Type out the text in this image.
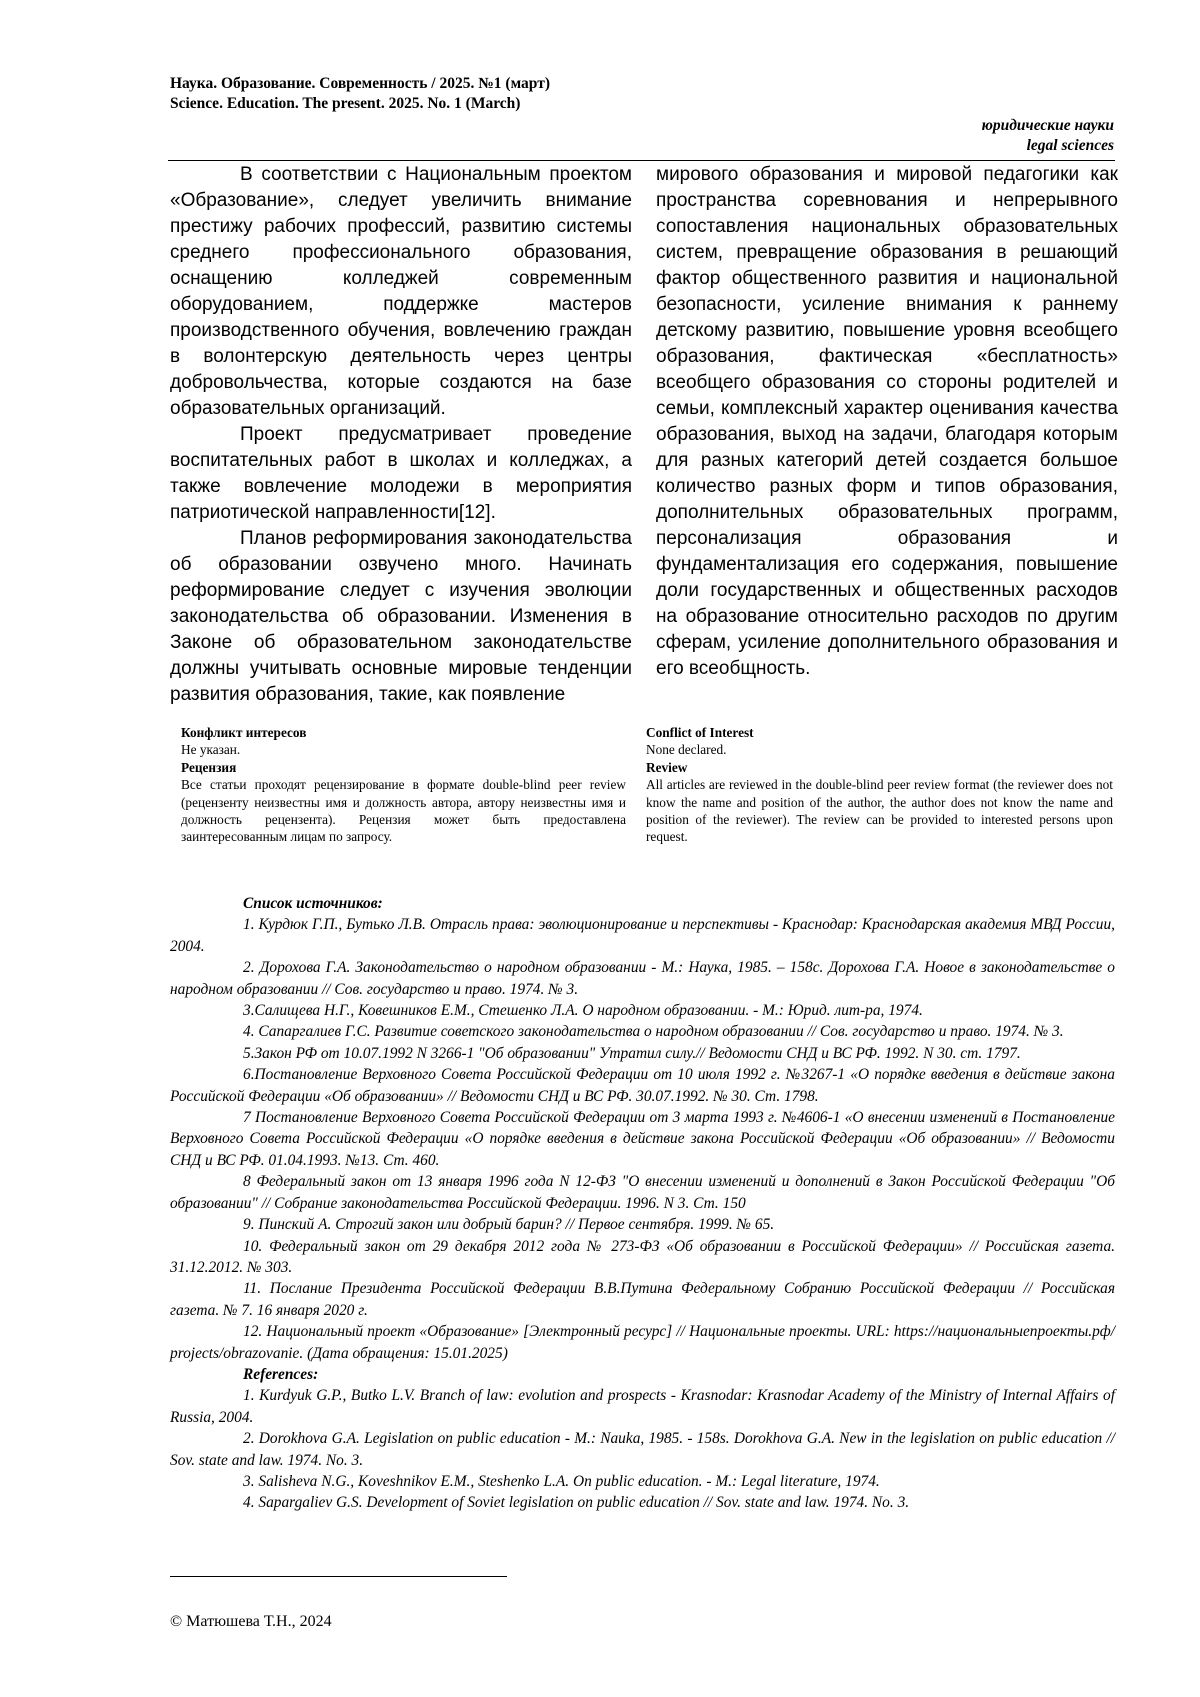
Наука. Образование. Современность / 2025. №1 (март)
Science. Education. The present. 2025. No. 1 (March)
юридические науки
legal sciences

В соответствии с Национальным проектом «Образование», следует увеличить внимание престижу рабочих профессий, развитию системы среднего профессионального образования, оснащению колледжей современным оборудованием, поддержке мастеров производственного обучения, вовлечению граждан в волонтерскую деятельность через центры добровольчества, которые создаются на базе образовательных организаций.

Проект предусматривает проведение воспитательных работ в школах и колледжах, а также вовлечение молодежи в мероприятия патриотической направленности[12].

Планов реформирования законодательства об образовании озвучено много. Начинать реформирование следует с изучения эволюции законодательства об образовании. Изменения в Законе об образовательном законодательстве должны учитывать основные мировые тенденции развития образования, такие, как появление

мирового образования и мировой педагогики как пространства соревнования и непрерывного сопоставления национальных образовательных систем, превращение образования в решающий фактор общественного развития и национальной безопасности, усиление внимания к раннему детскому развитию, повышение уровня всеобщего образования, фактическая «бесплатность» всеобщего образования со стороны родителей и семьи, комплексный характер оценивания качества образования, выход на задачи, благодаря которым для разных категорий детей создается большое количество разных форм и типов образования, дополнительных образовательных программ, персонализация образования и фундаментализация его содержания, повышение доли государственных и общественных расходов на образование относительно расходов по другим сферам, усиление дополнительного образования и его всеобщность.

Конфликт интересов
Не указан.
Рецензия
Все статьи проходят рецензирование в формате double-blind peer review (рецензенту неизвестны имя и должность автора, автору неизвестны имя и должность рецензента). Рецензия может быть предоставлена заинтересованным лицам по запросу.
Conflict of Interest
None declared.
Review
All articles are reviewed in the double-blind peer review format (the reviewer does not know the name and position of the author, the author does not know the name and position of the reviewer). The review can be provided to interested persons upon request.
Список источников:
1. Курдюк Г.П., Бутько Л.В. Отрасль права: эволюционирование и перспективы - Краснодар: Краснодарская академия МВД России, 2004.
2. Дорохова Г.А. Законодательство о народном образовании - М.: Наука, 1985. – 158с. Дорохова Г.А. Новое в законодательстве о народном образовании // Сов. государство и право. 1974. № 3.
3.Салищева Н.Г., Ковешников Е.М., Стешенко Л.А. О народном образовании. - М.: Юрид. лит-ра, 1974.
4. Сапаргалиев Г.С. Развитие советского законодательства о народном образовании // Сов. государство и право. 1974. № 3.
5.Закон РФ от 10.07.1992 N 3266-1 "Об образовании" Утратил силу.// Ведомости СНД и ВС РФ. 1992. N 30. ст. 1797.
6.Постановление Верховного Совета Российской Федерации от 10 июля 1992 г. №3267-1 «О порядке введения в действие закона Российской Федерации «Об образовании» // Ведомости СНД и ВС РФ. 30.07.1992. № 30. Ст. 1798.
7 Постановление Верховного Совета Российской Федерации от 3 марта 1993 г. №4606-1 «О внесении изменений в Постановление Верховного Совета Российской Федерации «О порядке введения в действие закона Российской Федерации «Об образовании» // Ведомости СНД и ВС РФ. 01.04.1993. №13. Ст. 460.
8 Федеральный закон от 13 января 1996 года N 12-ФЗ "О внесении изменений и дополнений в Закон Российской Федерации "Об образовании" // Собрание законодательства Российской Федерации. 1996. N 3. Ст. 150
9. Пинский А. Строгий закон или добрый барин? // Первое сентября. 1999. № 65.
10. Федеральный закон от 29 декабря 2012 года № 273-ФЗ «Об образовании в Российской Федерации» // Российская газета. 31.12.2012. № 303.
11. Послание Президента Российской Федерации В.В.Путина Федеральному Собранию Российской Федерации // Российская газета. № 7. 16 января 2020 г.
12. Национальный проект «Образование» [Электронный ресурс] // Национальные проекты. URL: https://национальныепроекты.рф/ projects/obrazovanie. (Дата обращения: 15.01.2025)
References:
1. Kurdyuk G.P., Butko L.V. Branch of law: evolution and prospects - Krasnodar: Krasnodar Academy of the Ministry of Internal Affairs of Russia, 2004.
2. Dorokhova G.A. Legislation on public education - M.: Nauka, 1985. - 158s. Dorokhova G.A. New in the legislation on public education // Sov. state and law. 1974. No. 3.
3. Salisheva N.G., Koveshnikov E.M., Steshenko L.A. On public education. - M.: Legal literature, 1974.
4. Sapargaliev G.S. Development of Soviet legislation on public education // Sov. state and law. 1974. No. 3.
© Матюшева Т.Н., 2024
